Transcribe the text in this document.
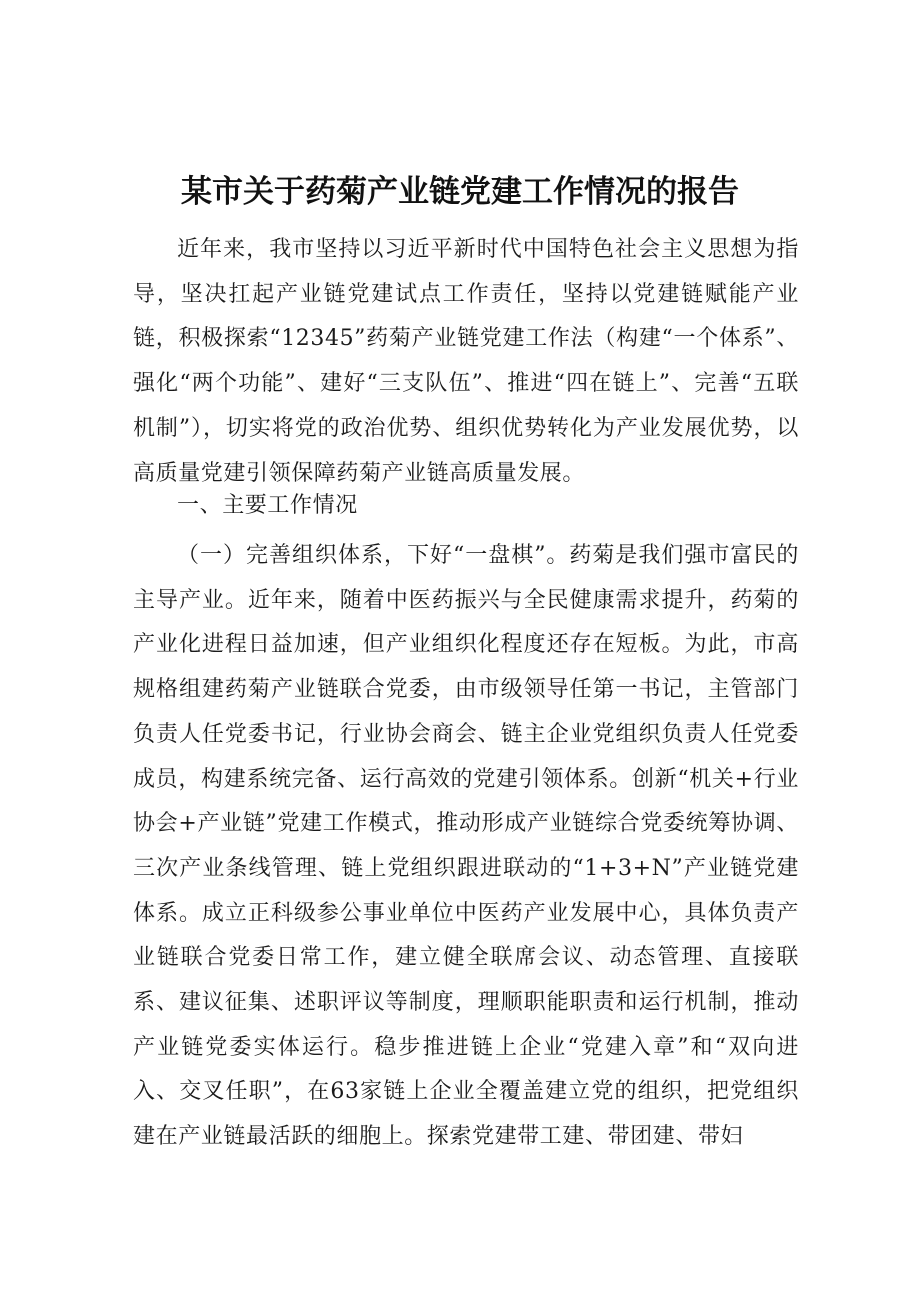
某市关于药菊产业链党建工作情况的报告

近年来，我市坚持以习近平新时代中国特色社会主义思想为指导，坚决扛起产业链党建试点工作责任，坚持以党建链赋能产业链，积极探索“12345”药菊产业链党建工作法（构建“一个体系”、强化“两个功能”、建好“三支队伍”、推进“四在链上”、完善“五联机制”），切实将党的政治优势、组织优势转化为产业发展优势，以高质量党建引领保障药菊产业链高质量发展。

一、主要工作情况

（一）完善组织体系，下好“一盘棋”。药菊是我们强市富民的主导产业。近年来，随着中医药振兴与全民健康需求提升，药菊的产业化进程日益加速，但产业组织化程度还存在短板。为此，市高规格组建药菊产业链联合党委，由市级领导任第一书记，主管部门负责人任党委书记，行业协会商会、链主企业党组织负责人任党委成员，构建系统完备、运行高效的党建引领体系。创新“机关+行业协会+产业链”党建工作模式，推动形成产业链综合党委统筹协调、三次产业条线管理、链上党组织跟进联动的“1+3+N”产业链党建体系。成立正科级参公事业单位中医药产业发展中心，具体负责产业链联合党委日常工作，建立健全联席会议、动态管理、直接联系、建议征集、述职评议等制度，理顺职能职责和运行机制，推动产业链党委实体运行。稳步推进链上企业“党建入章”和“双向进入、交叉任职”，在63家链上企业全覆盖建立党的组织，把党组织建在产业链最活跃的细胞上。探索党建带工建、带团建、带妇
